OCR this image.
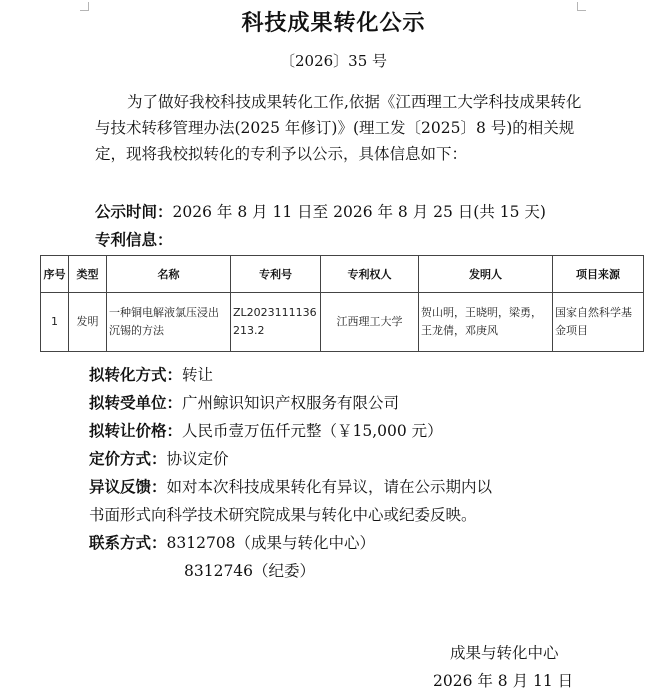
科技成果转化公示
〔2026〕35 号
为了做好我校科技成果转化工作,依据《江西理工大学科技成果转化与技术转移管理办法(2025 年修订)》(理工发〔2025〕8 号)的相关规定，现将我校拟转化的专利予以公示，具体信息如下：
公示时间：2026 年 8 月 11 日至 2026 年 8 月 25 日(共 15 天)
专利信息：
序号	类型	名称	专利号	专利权人	发明人	项目来源
1	发明	一种铜电解液氯压浸出沉锡的方法	ZL2023111136213.2	江西理工大学	贺山明，王晓明，梁勇，王龙倩，邓庚风	国家自然科学基金项目
拟转化方式：转让
拟转受单位：广州鲸识知识产权服务有限公司
拟转让价格：人民币壹万伍仟元整（￥15,000 元）
定价方式：协议定价
异议反馈：如对本次科技成果转化有异议，请在公示期内以
书面形式向科学技术研究院成果与转化中心或纪委反映。
联系方式：8312708（成果与转化中心）
8312746（纪委）
成果与转化中心
2026 年 8 月 11 日
